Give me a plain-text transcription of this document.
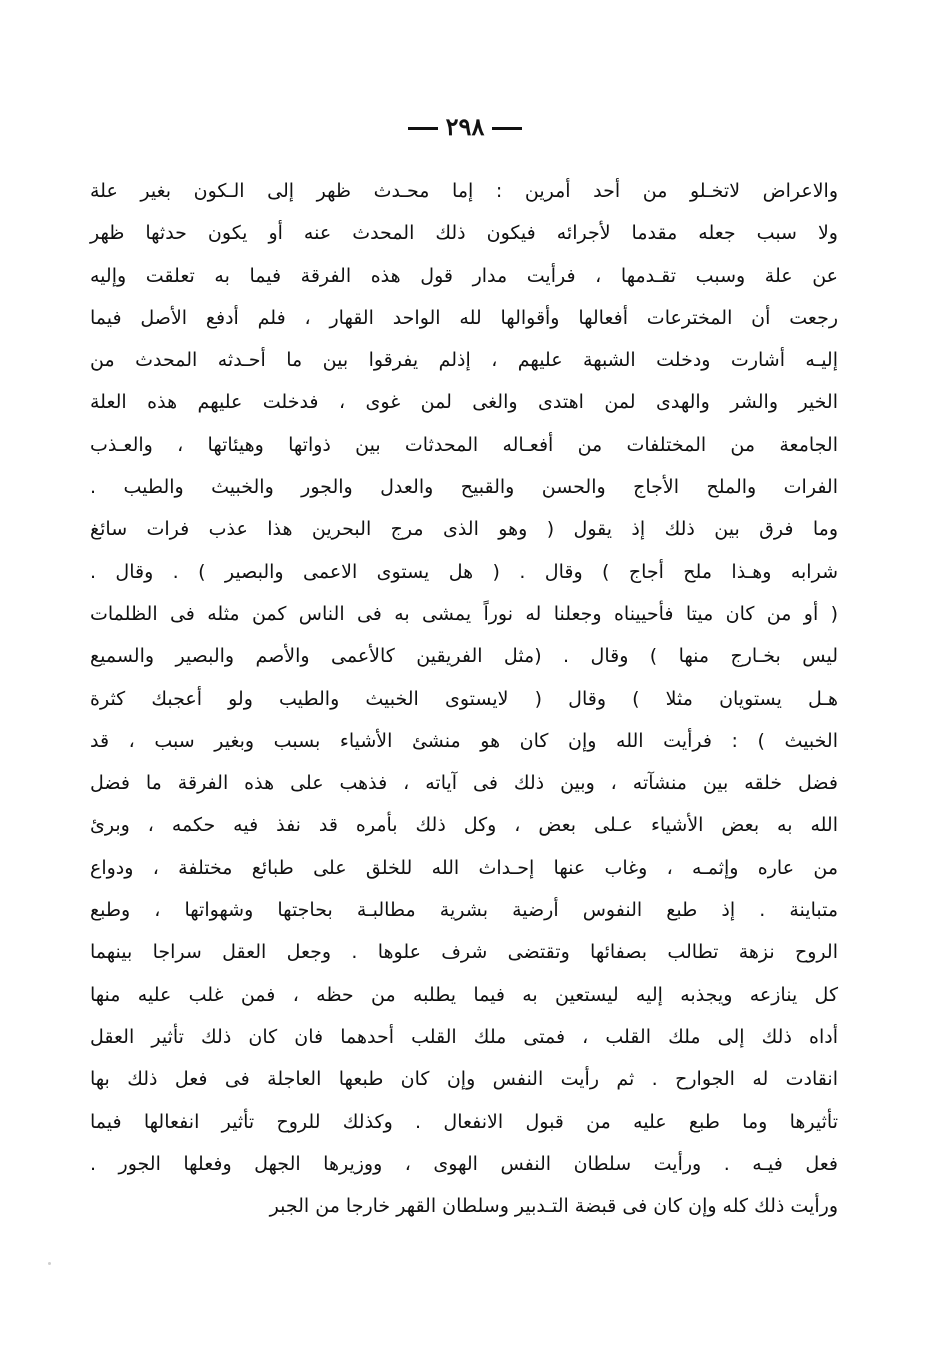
٢٩٨
والاعراض لاتخـلو من أحد أمرين : إما محـدث ظهر إلى الـكون بغير علة
ولا سبب جعله مقدما لأجرائه فيكون ذلك المحدث عنه أو يكون حدثها ظهر
عن علة وسبب تقـدمها ، فرأيت مدار قول هذه الفرقة فيما به تعلقت وإليه
رجعت أن المخترعات أفعالها وأقوالها لله الواحد القهار ، فلم أدفع الأصل فيما
إليـه أشارت ودخلت الشبهة عليهم ، إذلم يفرقوا بين ما أحـدثه المحدث من
الخير والشر والهدى لمن اهتدى والغى لمن غوى ، فدخلت عليهم هذه العلة
الجامعة من المختلفات من أفعـاله المحدثات بين ذواتها وهيئاتها ، والعـذب
الفرات والملح الأجاج والحسن والقبيح والعدل والجور والخبيث والطيب .
وما فرق بين ذلك إذ يقول ( وهو الذى مرج البحرين هذا عذب فرات سائغ
شرابه وهـذا ملح أجاج ) وقال . ( هل يستوى الاعمى والبصير ) . وقال .
( أو من كان ميتا فأحييناه وجعلنا له نوراً يمشى به فى الناس كمن مثله فى الظلمات
ليس بخـارج منها ) وقال . (مثل الفريقين كالأعمى والأصم والبصير والسميع
هـل يستويان مثلا ) وقال ( لايستوى الخبيث والطيب ولو أعجبك كثرة
الخبيث ) : فرأيت الله وإن كان هو منشئ الأشياء بسبب وبغير سبب ، قد
فضل خلقه بين منشآته ، وبين ذلك فى آياته ، فذهب على هذه الفرقة ما فضل
الله به بعض الأشياء عـلى بعض ، وكل ذلك بأمره قد نفذ فيه حكمه ، وبرئ
من عاره وإثمـه ، وغاب عنها إحـداث الله للخلق على طبائع مختلفة ، ودواع
متباينة . إذ طبع النفوس أرضية بشرية مطالبـة بحاجتها وشهواتها ، وطبع
الروح نزهة تطالب بصفائها وتقتضى شرف علوها . وجعل العقل سراجا بينهما
كل ينازعه ويجذبه إليه ليستعين به فيما يطلبه من حظه ، فمن غلب عليه منها
أداه ذلك إلى ملك القلب ، فمتى ملك القلب أحدهما فان كان ذلك تأثير العقل
انقادت له الجوارح . ثم رأيت النفس وإن كان طبعها العاجلة فى فعل ذلك بها
تأثيرها وما طبع عليه من قبول الانفعال . وكذلك للروح تأثير انفعالها فيما
فعل فيـه . ورأيت سلطان النفس الهوى ، ووزيرها الجهل وفعلها الجور .
ورأيت ذلك كله وإن كان فى قبضة التـدبير وسلطان القهر خارجا من الجبر
